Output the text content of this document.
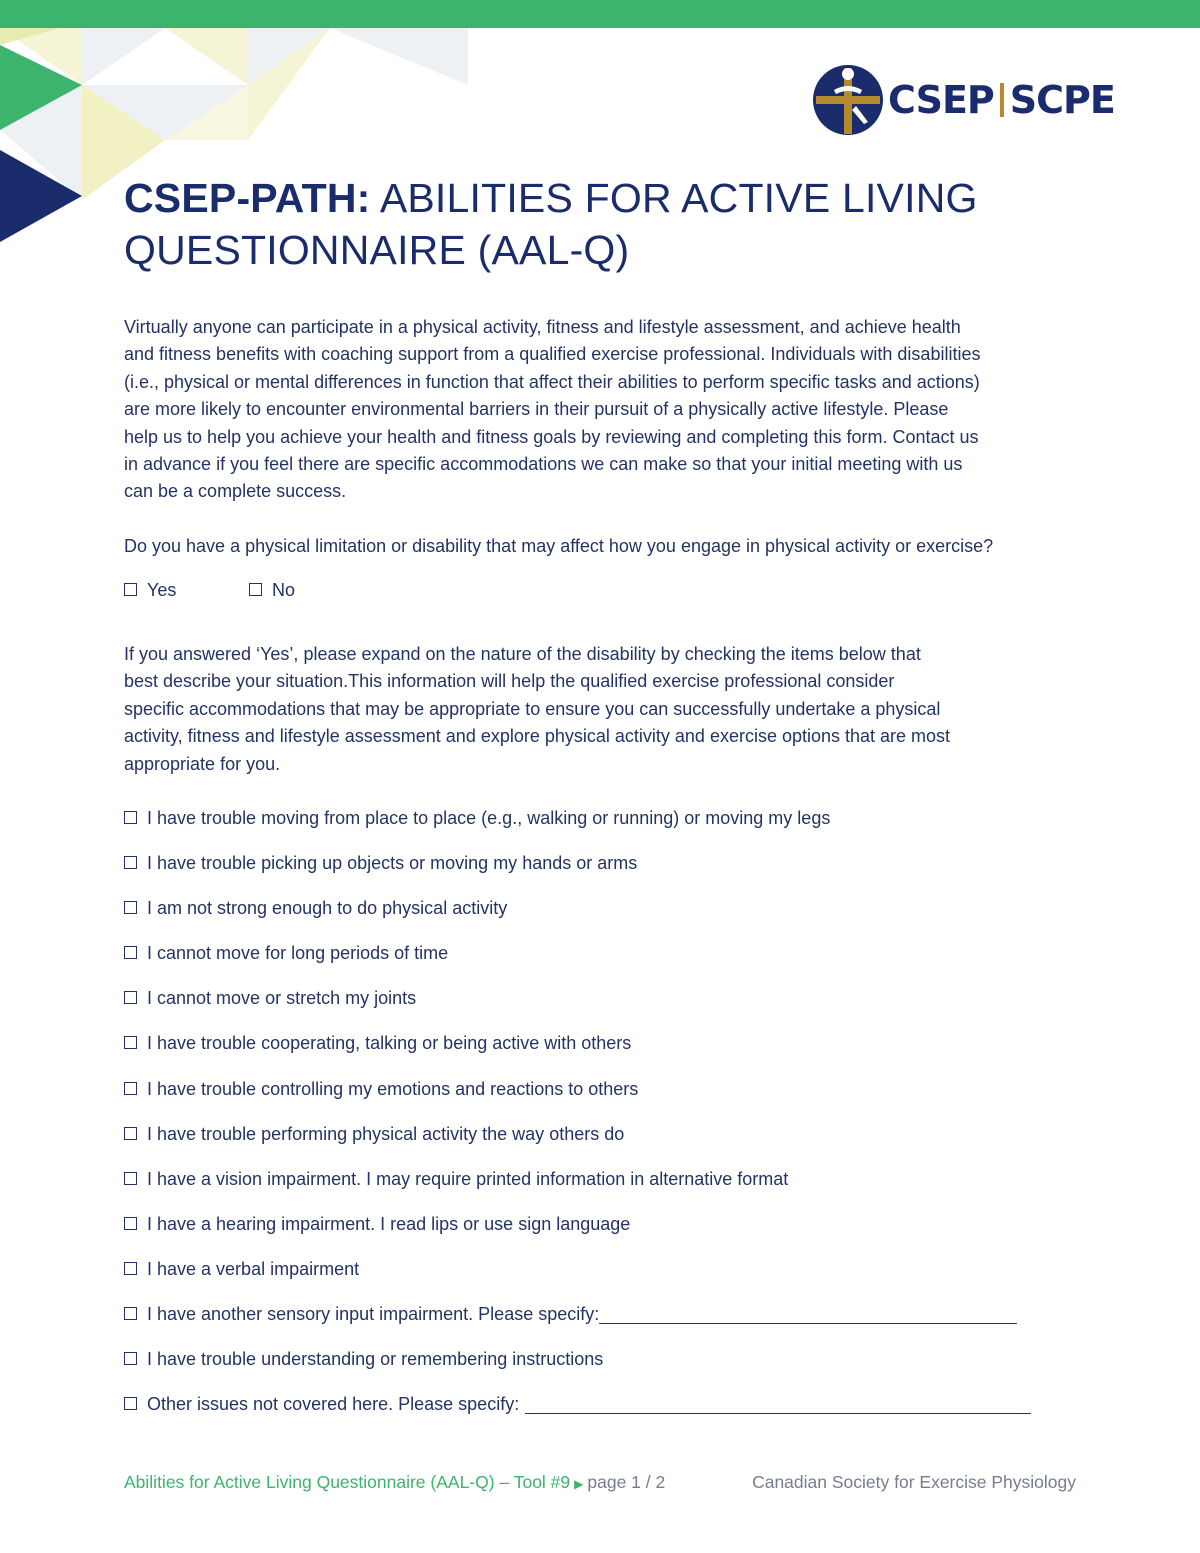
CSEP SCPE
CSEP-PATH: ABILITIES FOR ACTIVE LIVING
QUESTIONNAIRE (AAL-Q)

Virtually anyone can participate in a physical activity, fitness and lifestyle assessment, and achieve health
and fitness benefits with coaching support from a qualified exercise professional. Individuals with disabilities
(i.e., physical or mental differences in function that affect their abilities to perform specific tasks and actions)
are more likely to encounter environmental barriers in their pursuit of a physically active lifestyle. Please
help us to help you achieve your health and fitness goals by reviewing and completing this form. Contact us
in advance if you feel there are specific accommodations we can make so that your initial meeting with us
can be a complete success.

Do you have a physical limitation or disability that may affect how you engage in physical activity or exercise?

Yes	No

If you answered ‘Yes’, please expand on the nature of the disability by checking the items below that
best describe your situation.This information will help the qualified exercise professional consider
specific accommodations that may be appropriate to ensure you can successfully undertake a physical
activity, fitness and lifestyle assessment and explore physical activity and exercise options that are most
appropriate for you.

I have trouble moving from place to place (e.g., walking or running) or moving my legs
I have trouble picking up objects or moving my hands or arms
I am not strong enough to do physical activity
I cannot move for long periods of time
I cannot move or stretch my joints
I have trouble cooperating, talking or being active with others
I have trouble controlling my emotions and reactions to others
I have trouble performing physical activity the way others do
I have a vision impairment. I may require printed information in alternative format
I have a hearing impairment. I read lips or use sign language
I have a verbal impairment
I have another sensory input impairment. Please specify:
I have trouble understanding or remembering instructions
Other issues not covered here. Please specify:
Abilities for Active Living Questionnaire (AAL-Q) – Tool #9 ▶ page 1 / 2	Canadian Society for Exercise Physiology
